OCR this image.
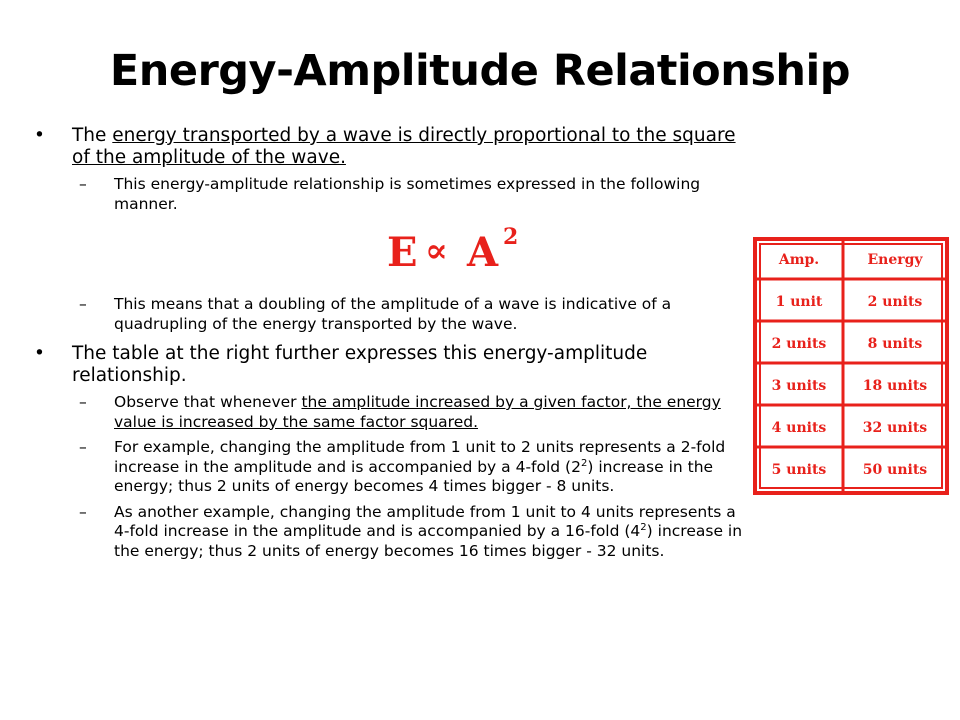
Energy-Amplitude Relationship
• The energy transported by a wave is directly proportional to the square of the amplitude of the wave.
– This energy-amplitude relationship is sometimes expressed in the following manner.
– This means that a doubling of the amplitude of a wave is indicative of a quadrupling of the energy transported by the wave.
• The table at the right further expresses this energy-amplitude relationship.
– Observe that whenever the amplitude increased by a given factor, the energy value is increased by the same factor squared.
– For example, changing the amplitude from 1 unit to 2 units represents a 2-fold increase in the amplitude and is accompanied by a 4-fold $(2^2)$ increase in the energy; thus 2 units of energy becomes 4 times bigger - 8 units.
– As another example, changing the amplitude from 1 unit to 4 units represents a 4-fold increase in the amplitude and is accompanied by a 16-fold $(4^2)$ increase in the energy; thus 2 units of energy becomes 16 times bigger - 32 units.
E ∝ A 2
Amp.	Energy
1 unit	2 units
2 units	8 units
3 units	18 units
4 units	32 units
5 units	50 units
